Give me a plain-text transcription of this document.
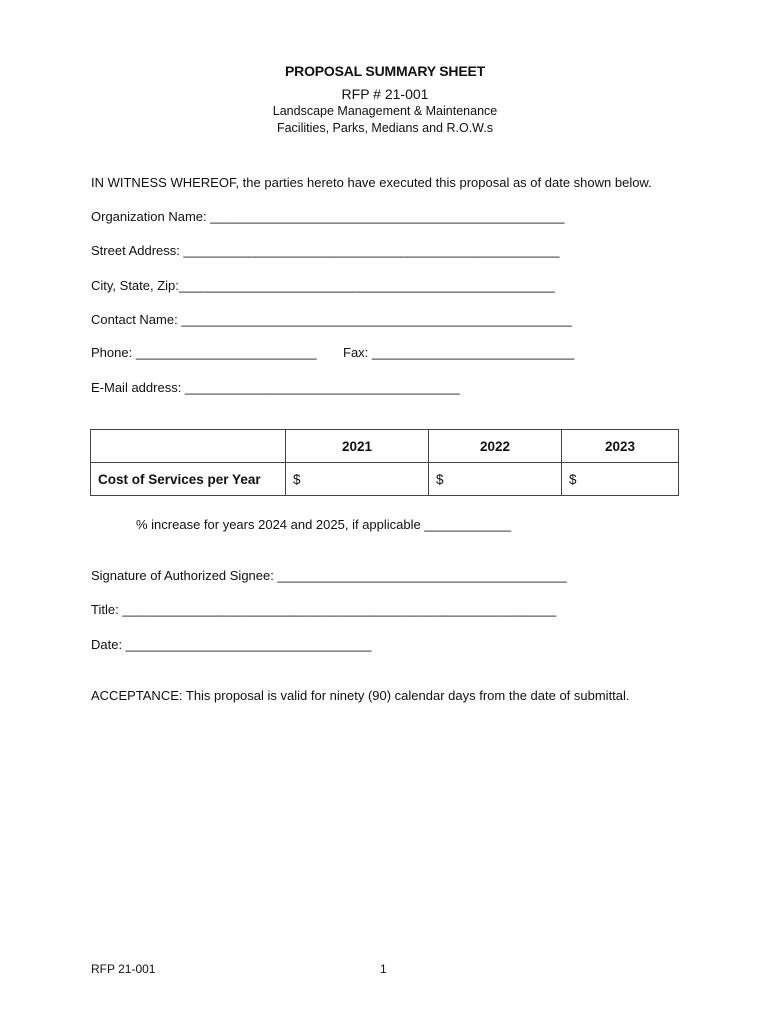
PROPOSAL SUMMARY SHEET
RFP # 21-001
Landscape Management & Maintenance
Facilities, Parks, Medians and R.O.W.s
IN WITNESS WHEREOF, the parties hereto have executed this proposal as of date shown below.
Organization Name: _________________________________________________
Street Address: ____________________________________________________
City, State, Zip:____________________________________________________
Contact Name: ______________________________________________________
Phone: _________________________ Fax: ____________________________
E-Mail address: ______________________________________
	2021	2022	2023
Cost of Services per Year	$	$	$
% increase for years 2024 and 2025, if applicable ____________
Signature of Authorized Signee: ________________________________________
Title: ____________________________________________________________
Date: __________________________________
ACCEPTANCE: This proposal is valid for ninety (90) calendar days from the date of submittal.
RFP 21-001	1
